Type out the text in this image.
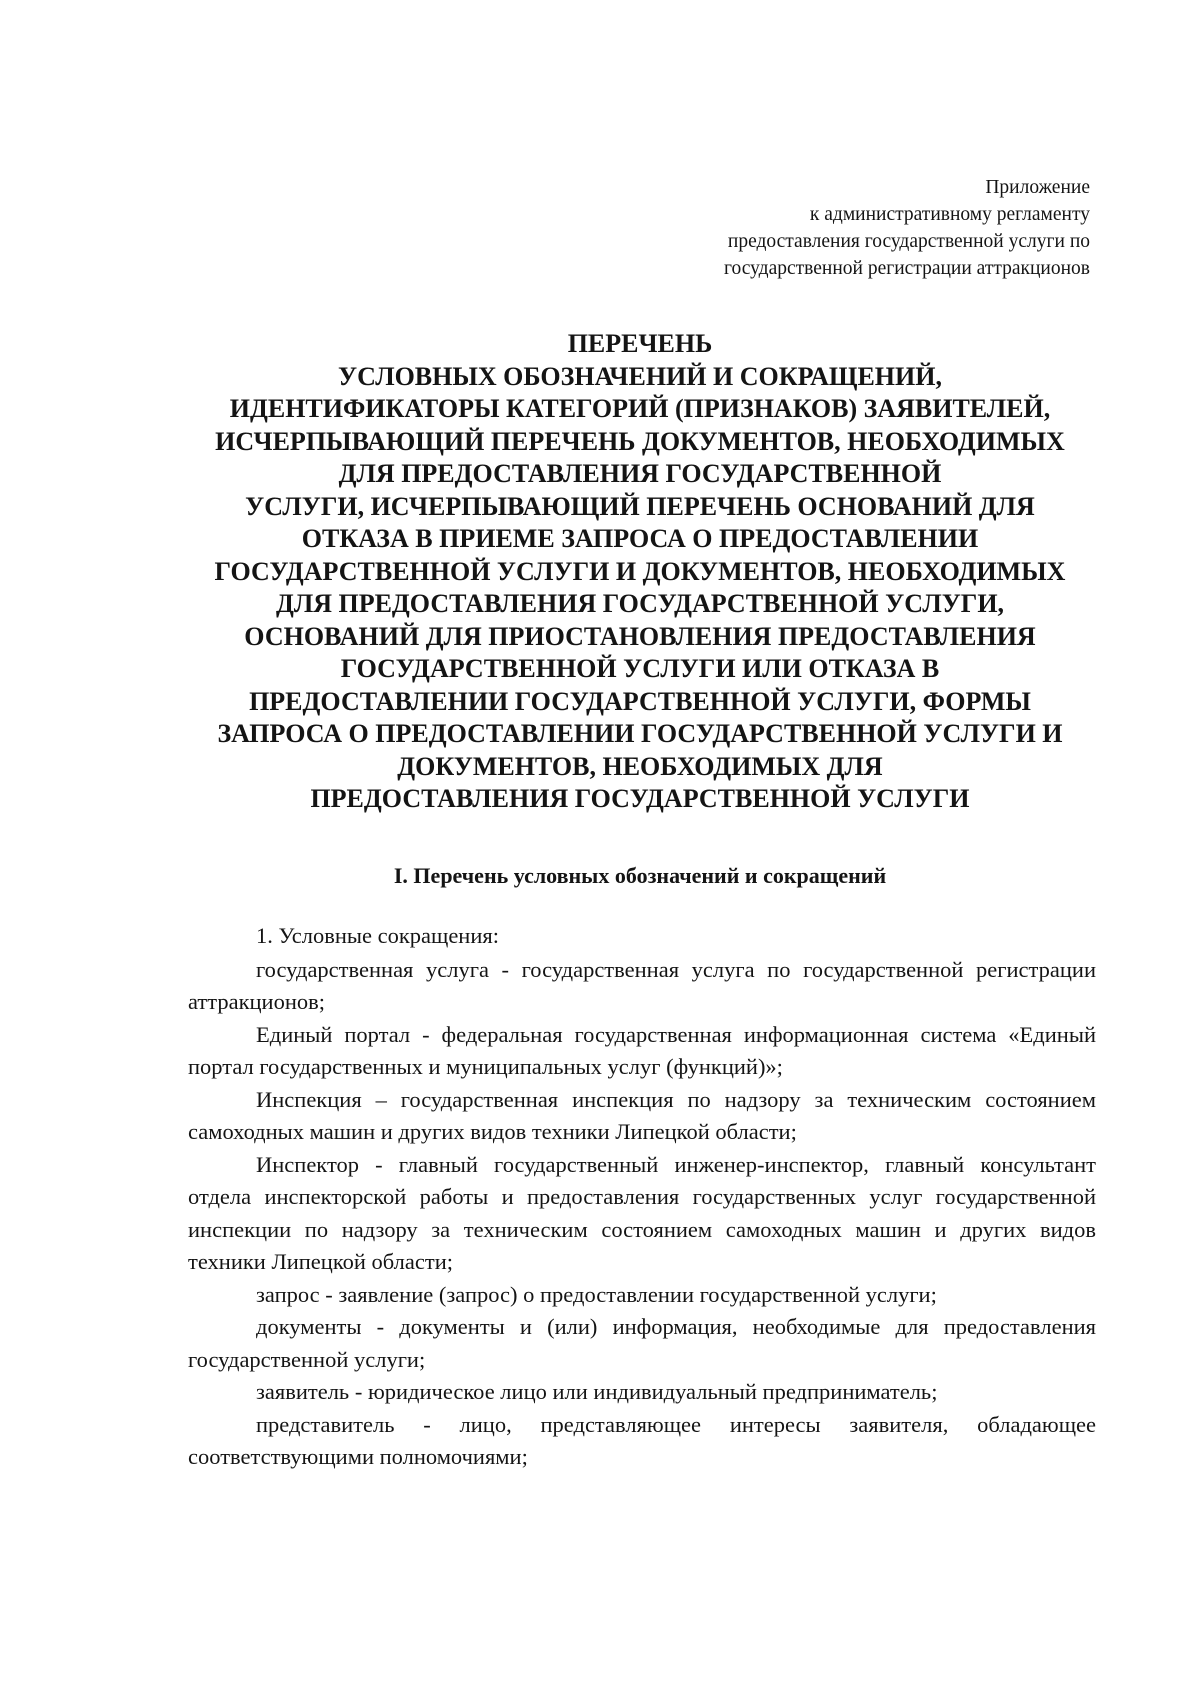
Приложение
к административному регламенту
предоставления государственной услуги по
государственной регистрации аттракционов
ПЕРЕЧЕНЬ
УСЛОВНЫХ ОБОЗНАЧЕНИЙ И СОКРАЩЕНИЙ,
ИДЕНТИФИКАТОРЫ КАТЕГОРИЙ (ПРИЗНАКОВ) ЗАЯВИТЕЛЕЙ,
ИСЧЕРПЫВАЮЩИЙ ПЕРЕЧЕНЬ ДОКУМЕНТОВ, НЕОБХОДИМЫХ
ДЛЯ ПРЕДОСТАВЛЕНИЯ ГОСУДАРСТВЕННОЙ
УСЛУГИ, ИСЧЕРПЫВАЮЩИЙ ПЕРЕЧЕНЬ ОСНОВАНИЙ ДЛЯ
ОТКАЗА В ПРИЕМЕ ЗАПРОСА О ПРЕДОСТАВЛЕНИИ
ГОСУДАРСТВЕННОЙ УСЛУГИ И ДОКУМЕНТОВ, НЕОБХОДИМЫХ
ДЛЯ ПРЕДОСТАВЛЕНИЯ ГОСУДАРСТВЕННОЙ УСЛУГИ,
ОСНОВАНИЙ ДЛЯ ПРИОСТАНОВЛЕНИЯ ПРЕДОСТАВЛЕНИЯ
ГОСУДАРСТВЕННОЙ УСЛУГИ ИЛИ ОТКАЗА В
ПРЕДОСТАВЛЕНИИ ГОСУДАРСТВЕННОЙ УСЛУГИ, ФОРМЫ
ЗАПРОСА О ПРЕДОСТАВЛЕНИИ ГОСУДАРСТВЕННОЙ УСЛУГИ И
ДОКУМЕНТОВ, НЕОБХОДИМЫХ ДЛЯ
ПРЕДОСТАВЛЕНИЯ ГОСУДАРСТВЕННОЙ УСЛУГИ
I. Перечень условных обозначений и сокращений

1. Условные сокращения:

государственная услуга - государственная услуга по государственной регистрации аттракционов;

Единый портал - федеральная государственная информационная система «Единый портал государственных и муниципальных услуг (функций)»;

Инспекция – государственная инспекция по надзору за техническим состоянием самоходных машин и других видов техники Липецкой области;

Инспектор - главный государственный инженер-инспектор, главный консультант отдела инспекторской работы и предоставления государственных услуг государственной инспекции по надзору за техническим состоянием самоходных машин и других видов техники Липецкой области;

запрос - заявление (запрос) о предоставлении государственной услуги;

документы - документы и (или) информация, необходимые для предоставления государственной услуги;

заявитель - юридическое лицо или индивидуальный предприниматель;

представитель - лицо, представляющее интересы заявителя, обладающее соответствующими полномочиями;
